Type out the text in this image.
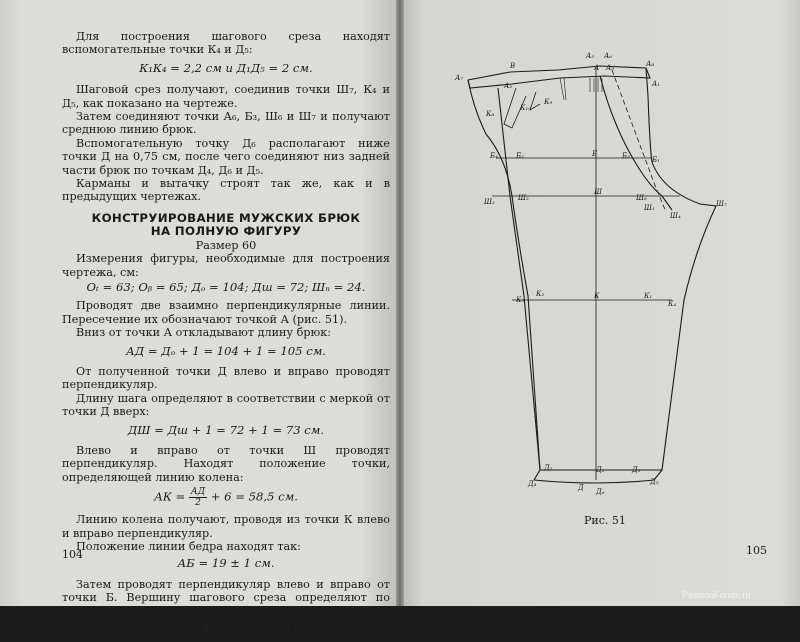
Для построения шагового среза находят вспомогательные точки К₄ и Д₅:

К₁К₄ = 2,2 см и Д₁Д₅ = 2 см.

Шаговой срез получают, соединив точки Ш₇, К₄ и Д₅, как показано на чертеже.

Затем соединяют точки А₆, Б₃, Ш₆ и Ш₇ и получают среднюю линию брюк.

Вспомогательную точку Д₆ располагают ниже точки Д на 0,75 см, после чего соединяют низ задней части брюк по точкам Д₄, Д₆ и Д₅.

Карманы и вытачку строят так же, как и в предыдущих чертежах.

КОНСТРУИРОВАНИЕ МУЖСКИХ БРЮК

НА ПОЛНУЮ ФИГУРУ

Размер 60

Измерения фигуры, необходимые для построения чертежа, см:

Оₜ = 63; Оᵦ = 65; Дₒ = 104; Дш = 72; Шₙ = 24.

Проводят две взаимно перпендикулярные линии. Пересечение их обозначают точкой А (рис. 51).

Вниз от точки А откладывают длину брюк:

АД = Дₒ + 1 = 104 + 1 = 105 см.

От полученной точки Д влево и вправо проводят перпендикуляр.

Длину шага определяют в соответствии с меркой от точки Д вверх:

ДШ = Дш + 1 = 72 + 1 = 73 см.

Влево и вправо от точки Ш проводят перпендикуляр. Находят положение точки, определяющей линию колена:

АК = $\frac{АД}{2} + 6 = 58,5$ см.

Линию колена получают, проводя из точки К влево и вправо перпендикуляр.

Положение линии бедра находят так:

АБ = 19 ± 1 см.

Затем проводят перпендикуляр влево и вправо от точки Б. Вершину шагового среза определяют по формуле:

$ШШ_1 = \frac{\text{Oᵦ}}{4} + 3,5 = \frac{65}{4} + 3,5 = 19,75$ см.

104
А₇
В
А₅ А₆
А₈
А₁
А А₉
А₂
К₁₀
К₈
К₉
Б₄	Б₂	Б	Б₃	Б₁
Ш₃	Ш₂
Ш
Ш₆
Ш₁
Ш₄
Ш₇
К₃
К₂	К	К₁
К₄
Д₄
Д₂
Д Д₆
Д₁
Д₅
Д₃
105
PassionForum.ru
Рис. 51
